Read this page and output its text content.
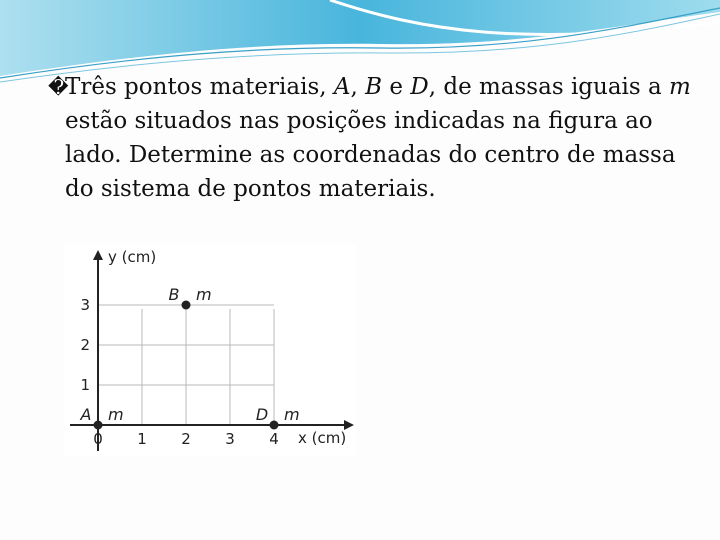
�
Três pontos materiais, A, B e D, de massas iguais a m estão situados nas posições indicadas na figura ao lado. Determine as coordenadas do centro de massa do sistema de pontos materiais.
0 1 2 3 4
1
2
3
A m
B m
D m
y (cm)
x (cm)
